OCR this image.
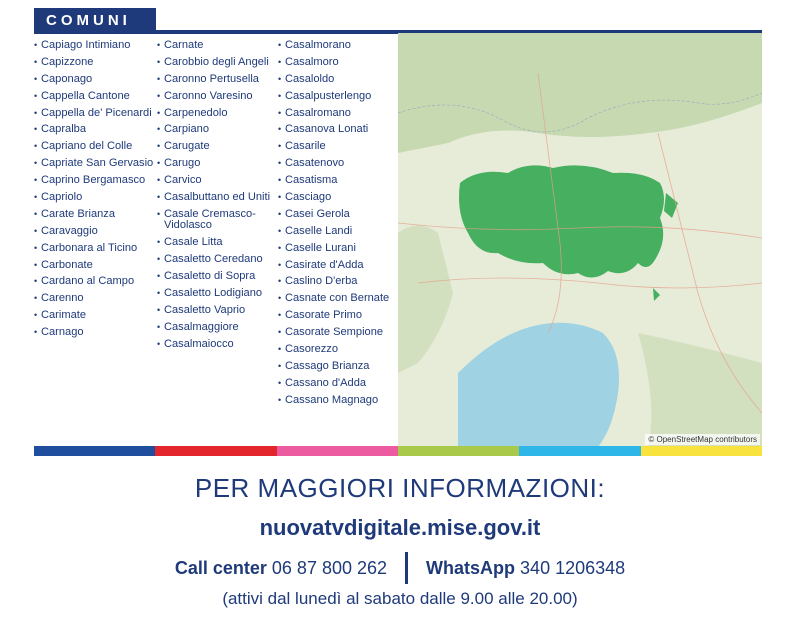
COMUNI
• Capiago Intimiano
• Capizzone
• Caponago
• Cappella Cantone
• Cappella de' Picenardi
• Capralba
• Capriano del Colle
• Capriate San Gervasio
• Caprino Bergamasco
• Capriolo
• Carate Brianza
• Caravaggio
• Carbonara al Ticino
• Carbonate
• Cardano al Campo
• Carenno
• Carimate
• Carnago
• Carnate
• Carobbio degli Angeli
• Caronno Pertusella
• Caronno Varesino
• Carpenedolo
• Carpiano
• Carugate
• Carugo
• Carvico
• Casalbuttano ed Uniti
• Casale Cremasco-Vidolasco
• Casale Litta
• Casaletto Ceredano
• Casaletto di Sopra
• Casaletto Lodigiano
• Casaletto Vaprio
• Casalmaggiore
• Casalmaiocco
• Casalmorano
• Casalmoro
• Casaloldo
• Casalpusterlengo
• Casalromano
• Casanova Lonati
• Casarile
• Casatenovo
• Casatisma
• Casciago
• Casei Gerola
• Caselle Landi
• Caselle Lurani
• Casirate d'Adda
• Caslino D'erba
• Casnate con Bernate
• Casorate Primo
• Casorate Sempione
• Casorezzo
• Cassago Brianza
• Cassano d'Adda
• Cassano Magnago
© OpenStreetMap contributors
PER MAGGIORI INFORMAZIONI:
nuovatvdigitale.mise.gov.it
Call center
06 87 800 262 WhatsApp
340 1206348
(attivi dal lunedì al sabato dalle 9.00 alle 20.00)
